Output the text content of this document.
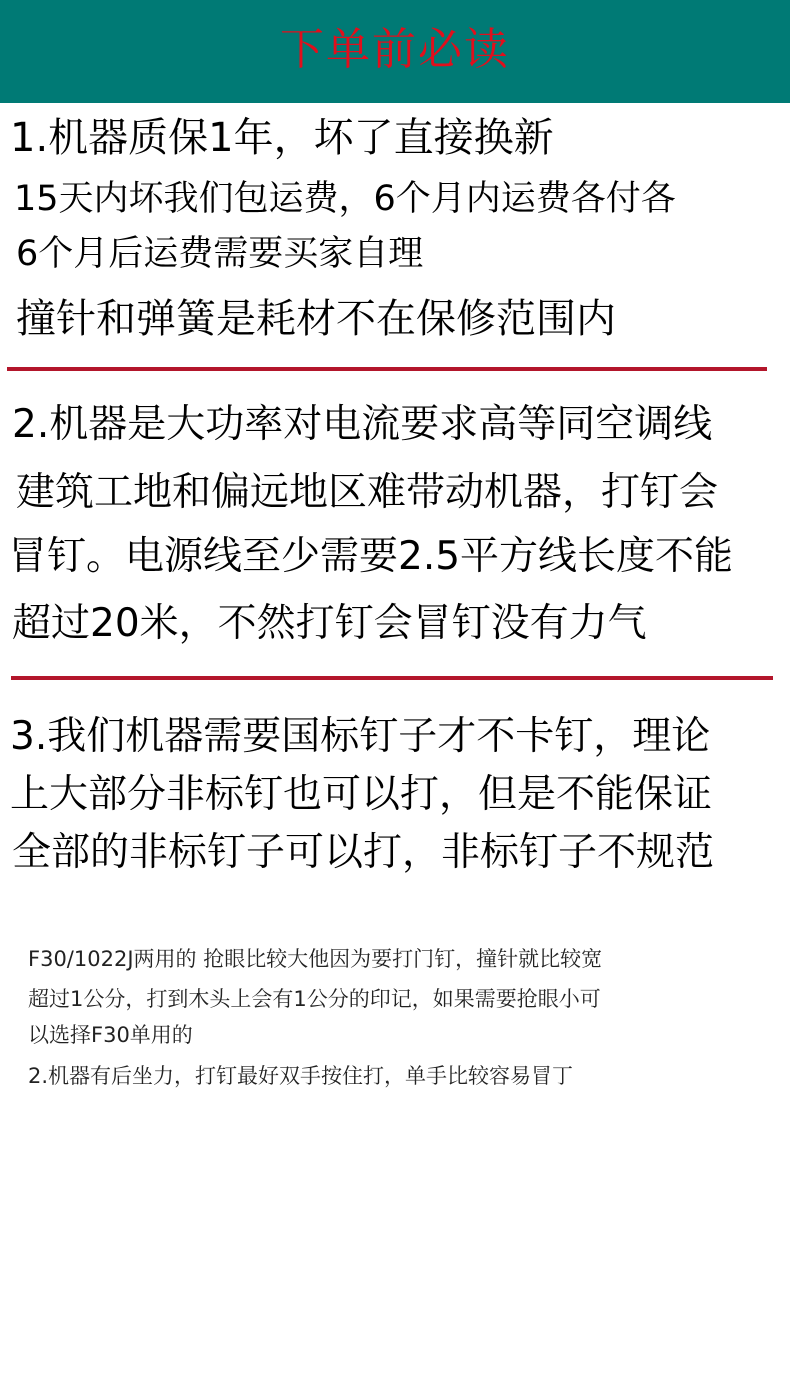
下单前必读
1.机器质保1年，坏了直接换新
15天内坏我们包运费，6个月内运费各付各
6个月后运费需要买家自理
撞针和弹簧是耗材不在保修范围内
2.机器是大功率对电流要求高等同空调线
建筑工地和偏远地区难带动机器，打钉会
冒钉。电源线至少需要2.5平方线长度不能
超过20米，不然打钉会冒钉没有力气
3.我们机器需要国标钉子才不卡钉，理论
上大部分非标钉也可以打，但是不能保证
全部的非标钉子可以打，非标钉子不规范
F30/1022J两用的 抢眼比较大他因为要打门钉，撞针就比较宽
超过1公分，打到木头上会有1公分的印记，如果需要抢眼小可
以选择F30单用的
2.机器有后坐力，打钉最好双手按住打，单手比较容易冒丁
